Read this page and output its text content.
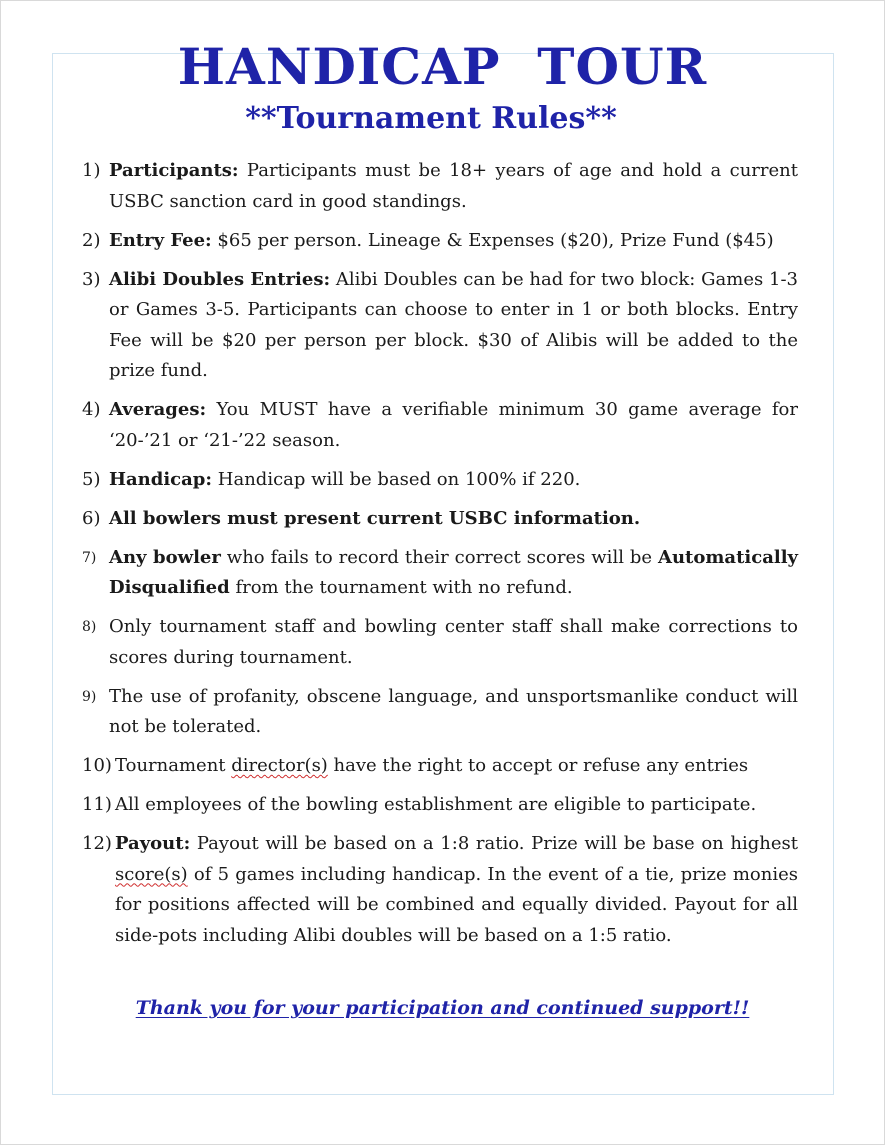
HANDICAP  TOUR
**Tournament Rules**
1) Participants: Participants must be 18+ years of age and hold a current USBC sanction card in good standings.
2) Entry Fee: $65 per person. Lineage & Expenses ($20), Prize Fund ($45)
3) Alibi Doubles Entries: Alibi Doubles can be had for two block: Games 1-3 or Games 3-5. Participants can choose to enter in 1 or both blocks. Entry Fee will be $20 per person per block. $30 of Alibis will be added to the prize fund.
4) Averages: You MUST have a verifiable minimum 30 game average for ‘20-’21 or ‘21-’22 season.
5) Handicap: Handicap will be based on 100% if 220.
6) All bowlers must present current USBC information.
7) Any bowler who fails to record their correct scores will be Automatically Disqualified from the tournament with no refund.
8) Only tournament staff and bowling center staff shall make corrections to scores during tournament.
9) The use of profanity, obscene language, and unsportsmanlike conduct will not be tolerated.
10) Tournament director(s) have the right to accept or refuse any entries
11) All employees of the bowling establishment are eligible to participate.
12) Payout: Payout will be based on a 1:8 ratio. Prize will be base on highest score(s) of 5 games including handicap. In the event of a tie, prize monies for positions affected will be combined and equally divided. Payout for all side-pots including Alibi doubles will be based on a 1:5 ratio.
Thank you for your participation and continued support!!
